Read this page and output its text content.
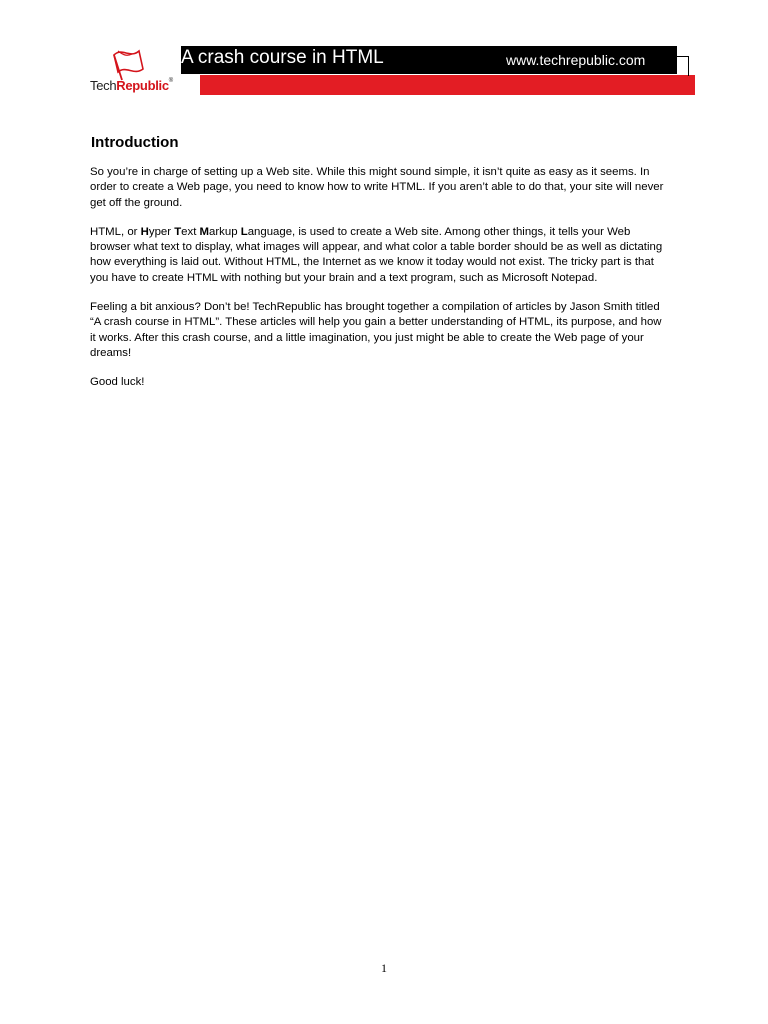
TechRepublic®
A crash course in HTML	www.techrepublic.com
Introduction

So you’re in charge of setting up a Web site. While this might sound simple, it isn’t quite as easy as it seems. In order to create a Web page, you need to know how to write HTML. If you aren’t able to do that, your site will never get off the ground.

HTML, or Hyper Text Markup Language, is used to create a Web site. Among other things, it tells your Web browser what text to display, what images will appear, and what color a table border should be as well as dictating how everything is laid out. Without HTML, the Internet as we know it today would not exist. The tricky part is that you have to create HTML with nothing but your brain and a text program, such as Microsoft Notepad.

Feeling a bit anxious? Don’t be! TechRepublic has brought together a compilation of articles by Jason Smith titled “A crash course in HTML”. These articles will help you gain a better understanding of HTML, its purpose, and how it works. After this crash course, and a little imagination, you just might be able to create the Web page of your dreams!

Good luck!

1
